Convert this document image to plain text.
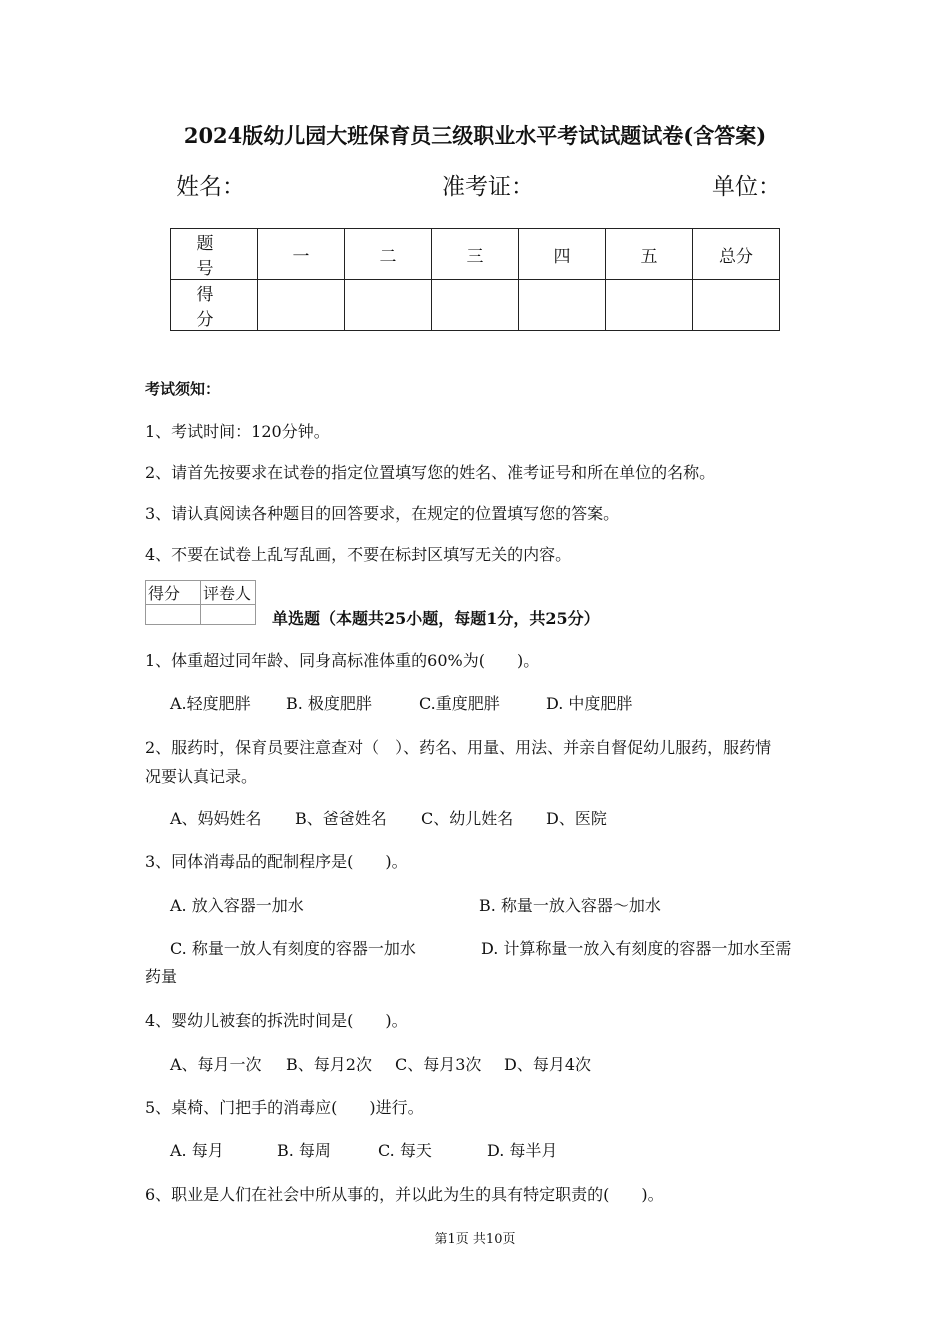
2024版幼儿园大班保育员三级职业水平考试试题试卷(含答案)
姓名：	准考证：	单位：
题　号	一	二	三	四	五	总分
得　分						
考试须知：
1、考试时间：120分钟。
2、请首先按要求在试卷的指定位置填写您的姓名、准考证号和所在单位的名称。
3、请认真阅读各种题目的回答要求，在规定的位置填写您的答案。
4、不要在试卷上乱写乱画，不要在标封区填写无关的内容。
得分	评卷人

单选题（本题共25小题，每题1分，共25分）
1、体重超过同年龄、同身高标准体重的60%为(　　)。
A.轻度肥胖 B. 极度肥胖	C.重度肥胖	D. 中度肥胖
2、服药时，保育员要注意查对（　）、药名、用量、用法、并亲自督促幼儿服药，服药情
况要认真记录。
A、妈妈姓名 B、爸爸姓名 C、幼儿姓名 D、医院
3、同体消毒品的配制程序是(　　)。
A. 放入容器一加水	B. 称量一放入容器～加水
C. 称量一放人有刻度的容器一加水	D. 计算称量一放入有刻度的容器一加水至需
药量
4、婴幼儿被套的拆洗时间是(　　)。
A、每月一次 B、每月2次 C、每月3次 D、每月4次
5、桌椅、门把手的消毒应(　　)进行。
A. 每月	B. 每周	C. 每天	D. 每半月
6、职业是人们在社会中所从事的，并以此为生的具有特定职责的(　　)。
第1页 共10页
